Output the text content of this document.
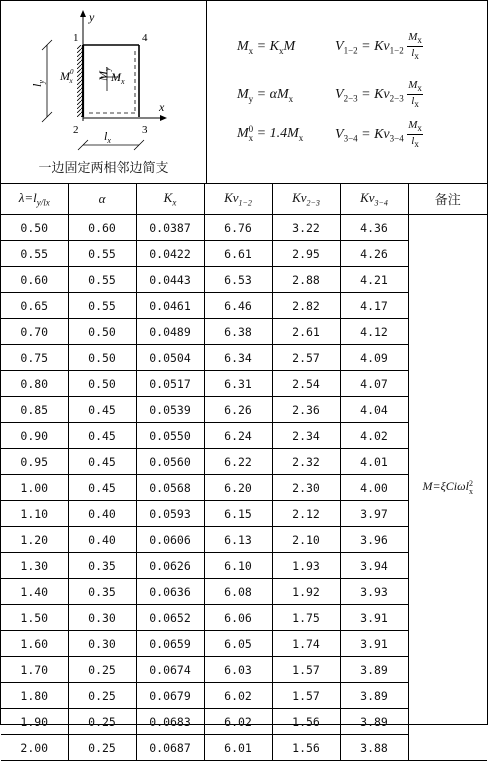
y
x
1	4
2	3
$l_y$
$l_x$
$M^0$ x $M_y$
$M_x$
一边固定两相邻边简支
$M_x = K_xM$
$M_y = \alpha M_x$
M 0
$x = 1.4M_x$
$V_{1-2} = Kv_{1-2} \frac{M_x}{l_x}$
$V_{2-3} = Kv_{2-3} \frac{M_x}{l_x}$
$V_{3-4} = Kv_{3-4} \frac{M_x}{l_x}$
$\lambda=l_{y/lx}$	α	$K_x$	$Kv_{1-2}$	$Kv_{2-3}$	$Kv_{3-4}$	备注
0.50	0.60	0.0387	6.76	3.22	4.36	M=ξCiωl 2
x

0.55	0.55	0.0422	6.61	2.95	4.26	
0.60	0.55	0.0443	6.53	2.88	4.21	
0.65	0.55	0.0461	6.46	2.82	4.17	
0.70	0.50	0.0489	6.38	2.61	4.12	
0.75	0.50	0.0504	6.34	2.57	4.09	
0.80	0.50	0.0517	6.31	2.54	4.07	
0.85	0.45	0.0539	6.26	2.36	4.04	
0.90	0.45	0.0550	6.24	2.34	4.02	
0.95	0.45	0.0560	6.22	2.32	4.01	
1.00	0.45	0.0568	6.20	2.30	4.00	
1.10	0.40	0.0593	6.15	2.12	3.97	
1.20	0.40	0.0606	6.13	2.10	3.96	
1.30	0.35	0.0626	6.10	1.93	3.94	
1.40	0.35	0.0636	6.08	1.92	3.93	
1.50	0.30	0.0652	6.06	1.75	3.91	
1.60	0.30	0.0659	6.05	1.74	3.91	
1.70	0.25	0.0674	6.03	1.57	3.89	
1.80	0.25	0.0679	6.02	1.57	3.89	
1.90	0.25	0.0683	6.02	1.56	3.89	
2.00	0.25	0.0687	6.01	1.56	3.88	
